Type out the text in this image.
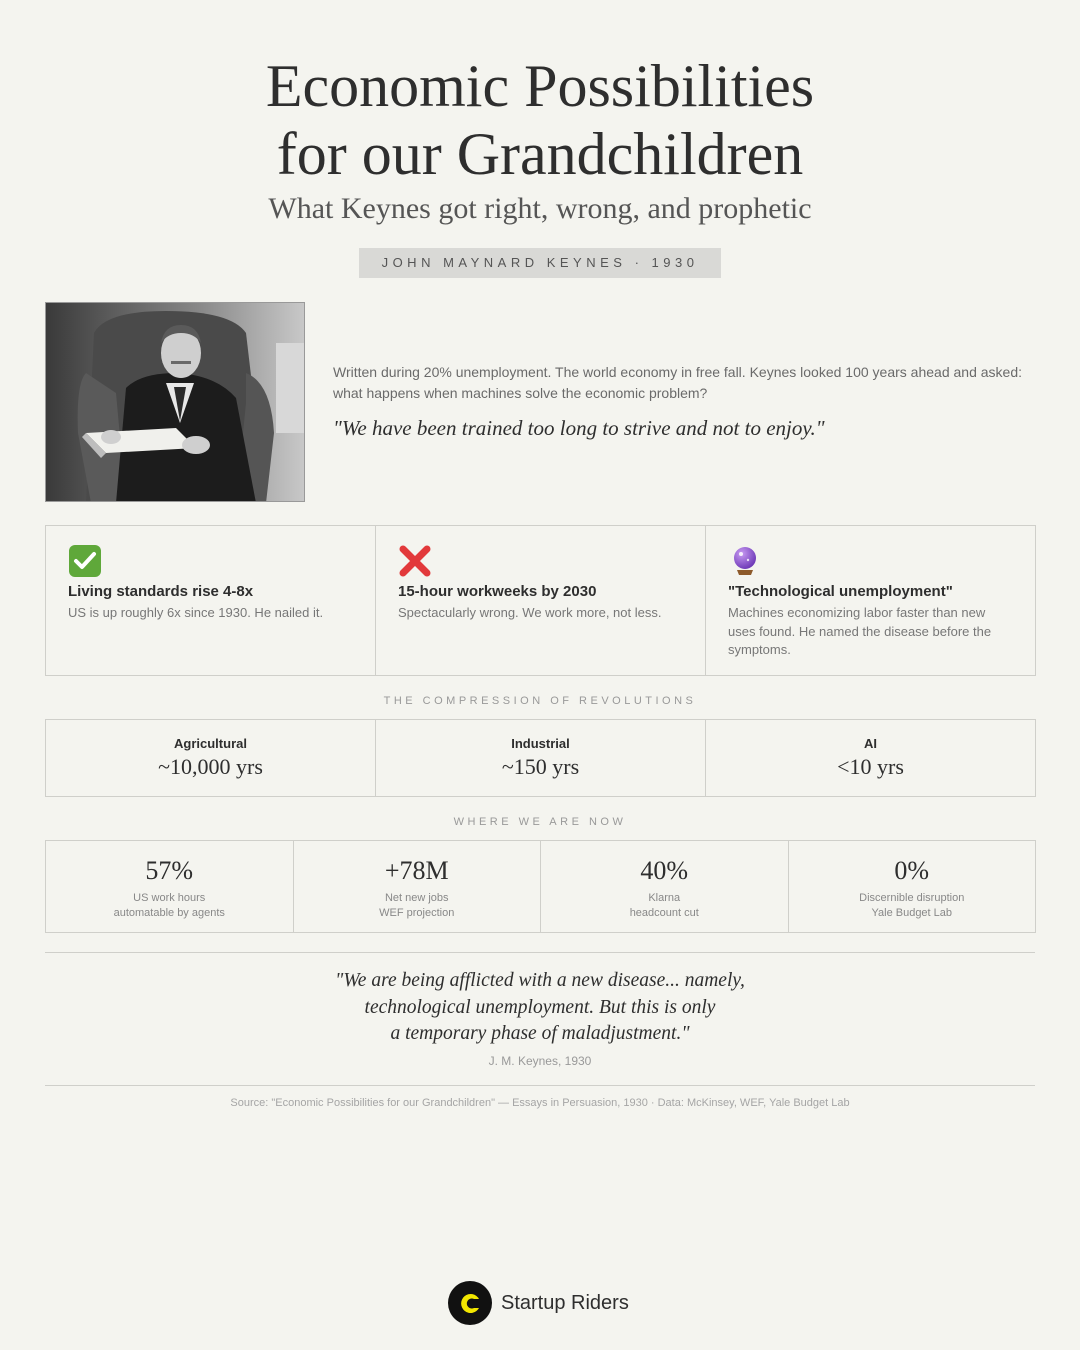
Economic Possibilities
for our Grandchildren
What Keynes got right, wrong, and prophetic
JOHN MAYNARD KEYNES · 1930

Written during 20% unemployment. The world economy in free fall. Keynes looked 100 years ahead and asked: what happens when machines solve the economic problem?

"We have been trained too long to strive and not to enjoy."

Living standards rise 4-8x
US is up roughly 6x since 1930. He nailed it.
15-hour workweeks by 2030
Spectacularly wrong. We work more, not less.
"Technological unemployment"
Machines economizing labor faster than new uses found. He named the disease before the symptoms.
THE COMPRESSION OF REVOLUTIONS
Agricultural
~10,000 yrs
Industrial
~150 yrs
AI
<10 yrs
WHERE WE ARE NOW
57%
US work hours
automatable by agents
+78M
Net new jobs
WEF projection
40%
Klarna
headcount cut
0%
Discernible disruption
Yale Budget Lab
"We are being afflicted with a new disease... namely,
technological unemployment. But this is only
a temporary phase of maladjustment."
J. M. Keynes, 1930
Source: "Economic Possibilities for our Grandchildren" — Essays in Persuasion, 1930 · Data: McKinsey, WEF, Yale Budget Lab
Startup Riders
